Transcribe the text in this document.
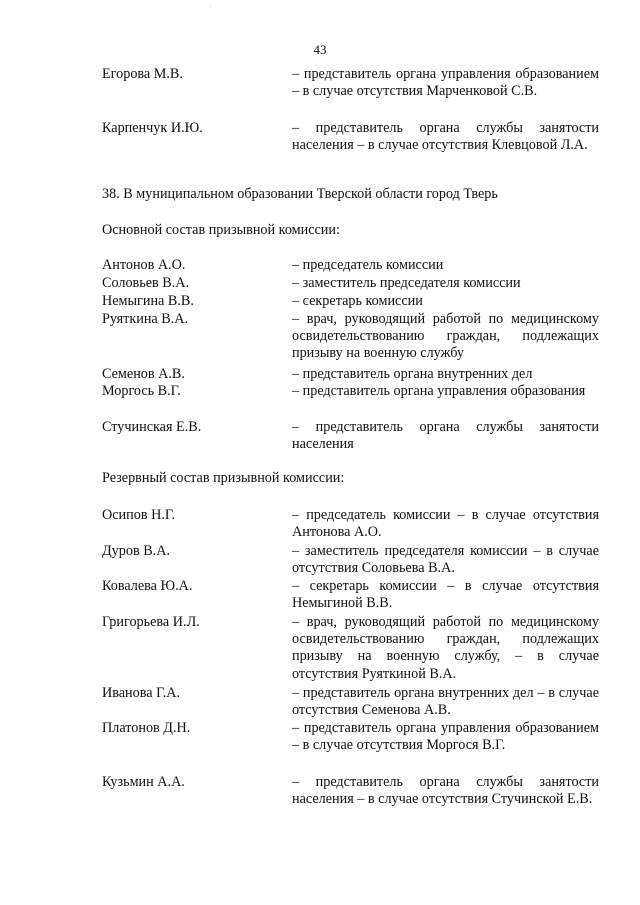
43
Егорова М.В.	– представитель органа управления образованием – в случае отсутствия Марченковой С.В.
Карпенчук И.Ю.	– представитель органа службы занятости населения – в случае отсутствия Клевцовой Л.А.
38. В муниципальном образовании Тверской области город Тверь
Основной состав призывной комиссии:
Антонов А.О.	– председатель комиссии
Соловьев В.А.	– заместитель председателя комиссии
Немыгина В.В.	– секретарь комиссии
Руяткина В.А.	– врач, руководящий работой по медицинскому освидетельствованию граждан, подлежащих призыву на военную службу
Семенов А.В.	– представитель органа внутренних дел
Моргось В.Г.	– представитель органа управления образования
Стучинская Е.В.	– представитель органа службы занятости населения
Резервный состав призывной комиссии:
Осипов Н.Г.	– председатель комиссии – в случае отсутствия Антонова А.О.
Дуров В.А.	– заместитель председателя комиссии – в случае отсутствия Соловьева В.А.
Ковалева Ю.А.	– секретарь комиссии – в случае отсутствия Немыгиной В.В.
Григорьева И.Л.	– врач, руководящий работой по медицинскому освидетельствованию граждан, подлежащих призыву на военную службу, – в случае отсутствия Руяткиной В.А.
Иванова Г.А.	– представитель органа внутренних дел – в случае отсутствия Семенова А.В.
Платонов Д.Н.	– представитель органа управления образованием – в случае отсутствия Моргося В.Г.
Кузьмин А.А.	– представитель органа службы занятости населения – в случае отсутствия Стучинской Е.В.
